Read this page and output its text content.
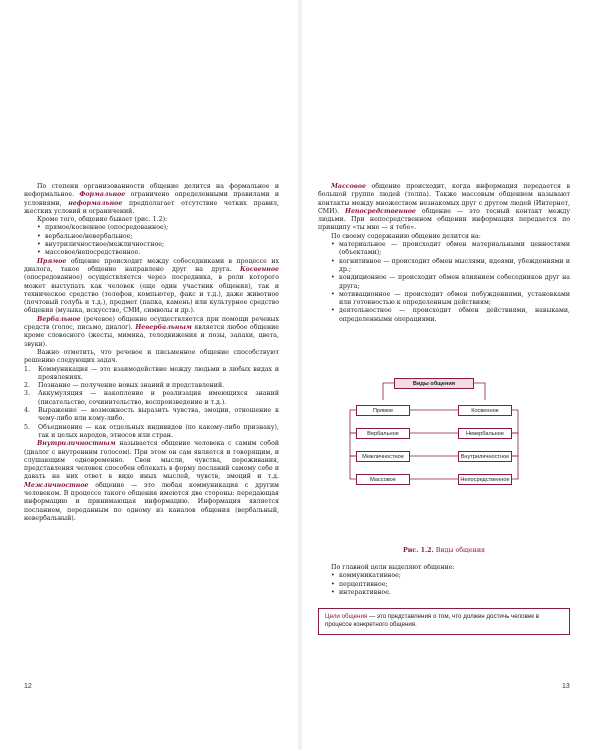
По степени организованности общение делится на формальное и неформальное. Формальное ограничено определенными правилами и условиями, неформальное предполагает отсутствие четких правил, жестких условий и ограничений.

Кроме того, общение бывает (рис. 1.2):

• прямое/косвенное (опосредованное);
• вербальное/невербальное;
• внутриличностное/межличностное;
• массовое/непосредственное.

Прямое общение происходит между собеседниками в процессе их диалога, такое общение направлено друг на друга. Косвенное (опосредованное) осуществляется через посредника, в роли которого может выступать как человек (еще один участник общения), так и техническое средство (телефон, компьютер, факс и т.д.), даже животное (почтовый голубь и т.д.), предмет (папка, камень) или культурное средство общения (музыка, искусство, СМИ, символы и др.).

Вербальное (речевое) общение осуществляется при помощи речевых средств (голос, письмо, диалог). Невербальным является любое общение кроме словесного (жесты, мимика, телодвижения и позы, запахи, цвета, звуки).

Важно отметить, что речевое и письменное общение способствуют решению следующих задач.

1. Коммуникация — это взаимодействие между людьми в любых видах и проявлениях.
2. Познание — получение новых знаний и представлений.
3. Аккумуляция — накопление и реализация имеющихся знаний (писательство, сочинительство, воспроизведение и т.д.).
4. Выражение — возможность выразить чувства, эмоции, отношение к чему-либо или кому-либо.
5. Объединение — как отдельных индивидов (по какому-либо признаку), так и целых народов, этносов или стран.

Внутриличностным называется общение человека с самим собой (диалог с внутренним голосом). При этом он сам является и говорящим, и слушающим одновременно. Свои мысли, чувства, переживания, представления человек способен облекать в форму посланий самому себе и давать на них ответ в виде иных мыслей, чувств, эмоций и т.д. Межличностное общение — это любая коммуникация с другим человеком. В процессе такого общения имеются две стороны: передающая информацию и принимающая информацию. Информация является посланием, переданным по одному из каналов общения (вербальный, невербальный).

12

Массовое общение происходит, когда информация передается в большой группе людей (толпа). Также массовым общением называют контакты между множеством незнакомых друг с другом людей (Интернет, СМИ). Непосредственное общение — это тесный контакт между людьми. При непосредственном общении информация передается по принципу «ты мне — я тебе».

По своему содержанию общение делится на:

• материальное — происходит обмен материальными ценностями (объектами);
• когнитивное — происходит обмен мыслями, идеями, убеждениями и др.;
• кондиционное — происходит обмен влиянием собеседников друг на друга;
• мотивационное — происходит обмен побуждениями, установками или готовностью к определенным действиям;
• деятельностное — происходит обмен действиями, навыками, определенными операциями.
Виды общения
Прямое
Вербальное
Межличностное
Массовое
Косвенное
Невербальное
Внутриличностное
Непосредственное
Рис. 1.2. Виды общения

По главной цели выделяют общение:

• коммуникативное;
• перцептивное;
• интерактивное.
Цели общения — это представления о том, что должен достичь человек в процессе конкретного общения.
13
